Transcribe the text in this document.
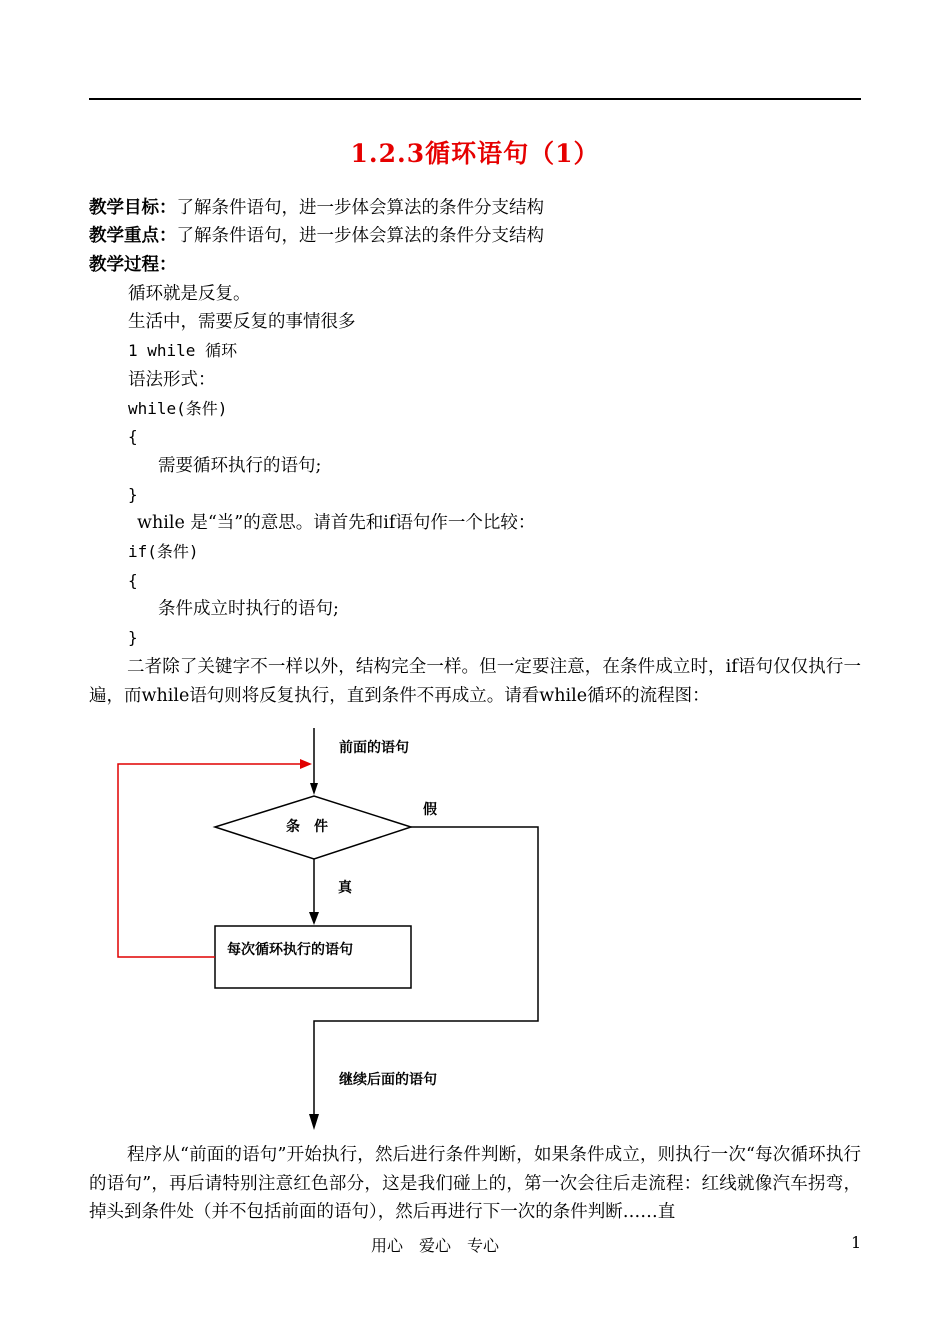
1.2.3循环语句（1）
教学目标：了解条件语句，进一步体会算法的条件分支结构
教学重点：了解条件语句，进一步体会算法的条件分支结构
教学过程：
循环就是反复。
生活中，需要反复的事情很多
1 while 循环
语法形式：
while(条件)
{
需要循环执行的语句;
}
while 是“当”的意思。请首先和if语句作一个比较：
if(条件)
{
条件成立时执行的语句;
}
二者除了关键字不一样以外，结构完全一样。但一定要注意，在条件成立时，if语句仅仅执行一遍，而while语句则将反复执行，直到条件不再成立。请看while循环的流程图：
前面的语句
条　件
假
真
每次循环执行的语句
继续后面的语句
程序从“前面的语句”开始执行，然后进行条件判断，如果条件成立，则执行一次“每次循环执行的语句”，再后请特别注意红色部分，这是我们碰上的，第一次会往后走流程：红线就像汽车拐弯，掉头到条件处（并不包括前面的语句），然后再进行下一次的条件判断……直
用心　爱心　专心	1
